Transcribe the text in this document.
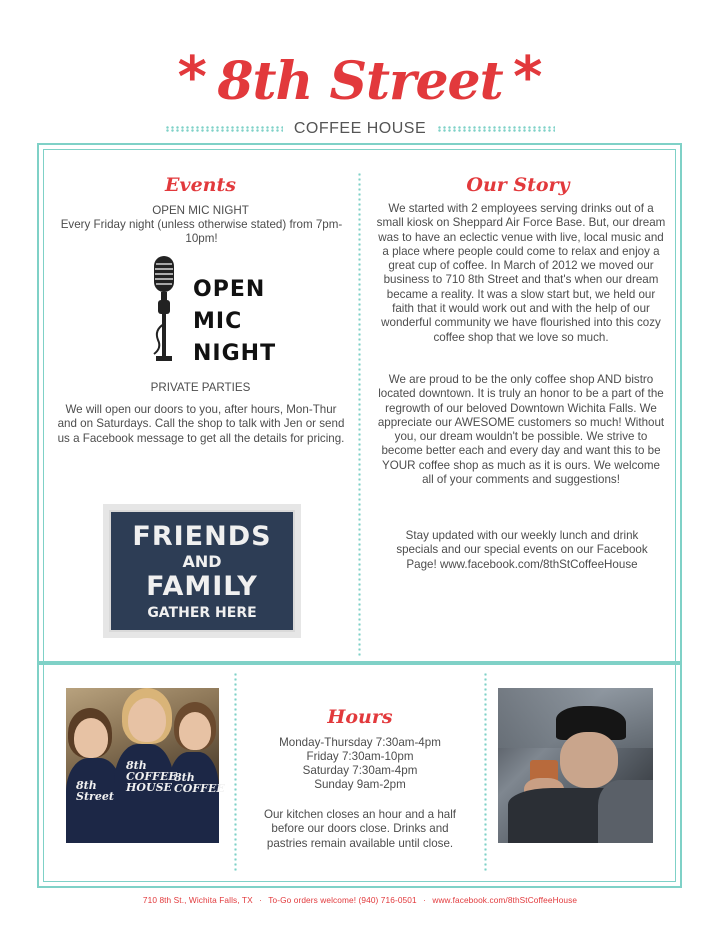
* 8th Street *
COFFEE HOUSE
Events
OPEN MIC NIGHT
Every Friday night (unless otherwise stated) from 7pm-10pm!
OPEN
MIC
NIGHT
PRIVATE PARTIES
We will open our doors to you, after hours, Mon-Thur and on Saturdays. Call the shop to talk with Jen or send us a Facebook message to get all the details for pricing.
FRIENDS
AND
FAMILY
GATHER HERE
Our Story
We started with 2 employees serving drinks out of a small kiosk on Sheppard Air Force Base. But, our dream was to have an eclectic venue with live, local music and a place where people could come to relax and enjoy a great cup of coffee. In March of 2012 we moved our business to 710 8th Street and that's when our dream became a reality. It was a slow start but, we held our faith that it would work out and with the help of our wonderful community we have flourished into this cozy coffee shop that we love so much.
We are proud to be the only coffee shop AND bistro located downtown. It is truly an honor to be a part of the regrowth of our beloved Downtown Wichita Falls. We appreciate our AWESOME customers so much! Without you, our dream wouldn't be possible. We strive to become better each and every day and want this to be YOUR coffee shop as much as it is ours. We welcome all of your comments and suggestions!
Stay updated with our weekly lunch and drink specials and our special events on our Facebook Page! www.facebook.com/8thStCoffeeHouse
8th
Street
8th
COFFEE
HOUSE
8th
COFFEE
Hours
Monday-Thursday 7:30am-4pm
Friday 7:30am-10pm
Saturday 7:30am-4pm
Sunday 9am-2pm
Our kitchen closes an hour and a half before our doors close. Drinks and pastries remain available until close.
710 8th St., Wichita Falls, TX · To-Go orders welcome! (940) 716-0501 · www.facebook.com/8thStCoffeeHouse
